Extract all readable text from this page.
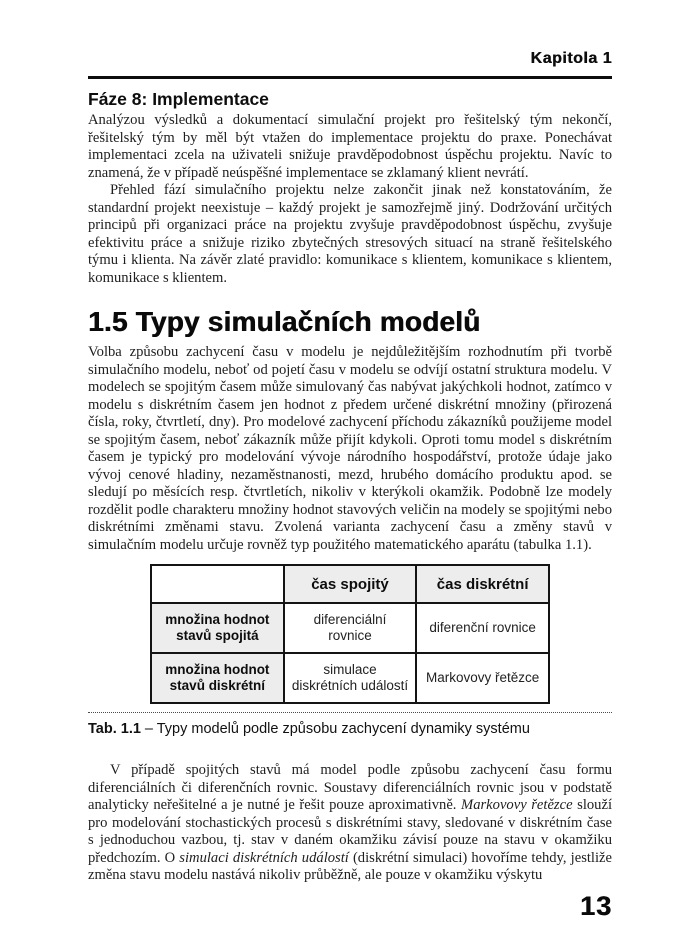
Kapitola 1
Fáze 8: Implementace

Analýzou výsledků a dokumentací simulační projekt pro řešitelský tým nekončí, řešitelský tým by měl být vtažen do implementace projektu do praxe. Ponechávat implementaci zcela na uživateli snižuje pravděpodobnost úspěchu projektu. Navíc to znamená, že v případě neúspěšné implementace se zklamaný klient nevrátí.

Přehled fází simulačního projektu nelze zakončit jinak než konstatováním, že standardní projekt neexistuje – každý projekt je samozřejmě jiný. Dodržování určitých principů při organizaci práce na projektu zvyšuje pravděpodobnost úspěchu, zvyšuje efektivitu práce a snižuje riziko zbytečných stresových situací na straně řešitelského týmu i klienta. Na závěr zlaté pravidlo: komunikace s klientem, komunikace s klientem, komunikace s klientem.

1.5 Typy simulačních modelů

Volba způsobu zachycení času v modelu je nejdůležitějším rozhodnutím při tvorbě simulačního modelu, neboť od pojetí času v modelu se odvíjí ostatní struktura modelu. V modelech se spojitým časem může simulovaný čas nabývat jakýchkoli hodnot, zatímco v modelu s diskrétním časem jen hodnot z předem určené diskrétní množiny (přirozená čísla, roky, čtvrtletí, dny). Pro modelové zachycení příchodu zákazníků použijeme model se spojitým časem, neboť zákazník může přijít kdykoli. Oproti tomu model s diskrétním časem je typický pro modelování vývoje národního hospodářství, protože údaje jako vývoj cenové hladiny, nezaměstnanosti, mezd, hrubého domácího produktu apod. se sledují po měsících resp. čtvrtletích, nikoliv v kterýkoli okamžik. Podobně lze modely rozdělit podle charakteru množiny hodnot stavových veličin na modely se spojitými nebo diskrétními změnami stavu. Zvolená varianta zachycení času a změny stavů v simulačním modelu určuje rovněž typ použitého matematického aparátu (tabulka 1.1).

	čas spojitý	čas diskrétní
množina hodnot stavů spojitá	diferenciální rovnice	diferenční rovnice
množina hodnot stavů diskrétní	simulace diskrétních událostí	Markovovy řetězce
Tab. 1.1 – Typy modelů podle způsobu zachycení dynamiky systému

V případě spojitých stavů má model podle způsobu zachycení času formu diferenciálních či diferenčních rovnic. Soustavy diferenciálních rovnic jsou v podstatě analyticky neřešitelné a je nutné je řešit pouze aproximativně. Markovovy řetězce slouží pro modelování stochastických procesů s diskrétními stavy, sledované v diskrétním čase s jednoduchou vazbou, tj. stav v daném okamžiku závisí pouze na stavu v okamžiku předchozím. O simulaci diskrétních událostí (diskrétní simulaci) hovoříme tehdy, jestliže změna stavu modelu nastává nikoliv průběžně, ale pouze v okamžiku výskytu

13
